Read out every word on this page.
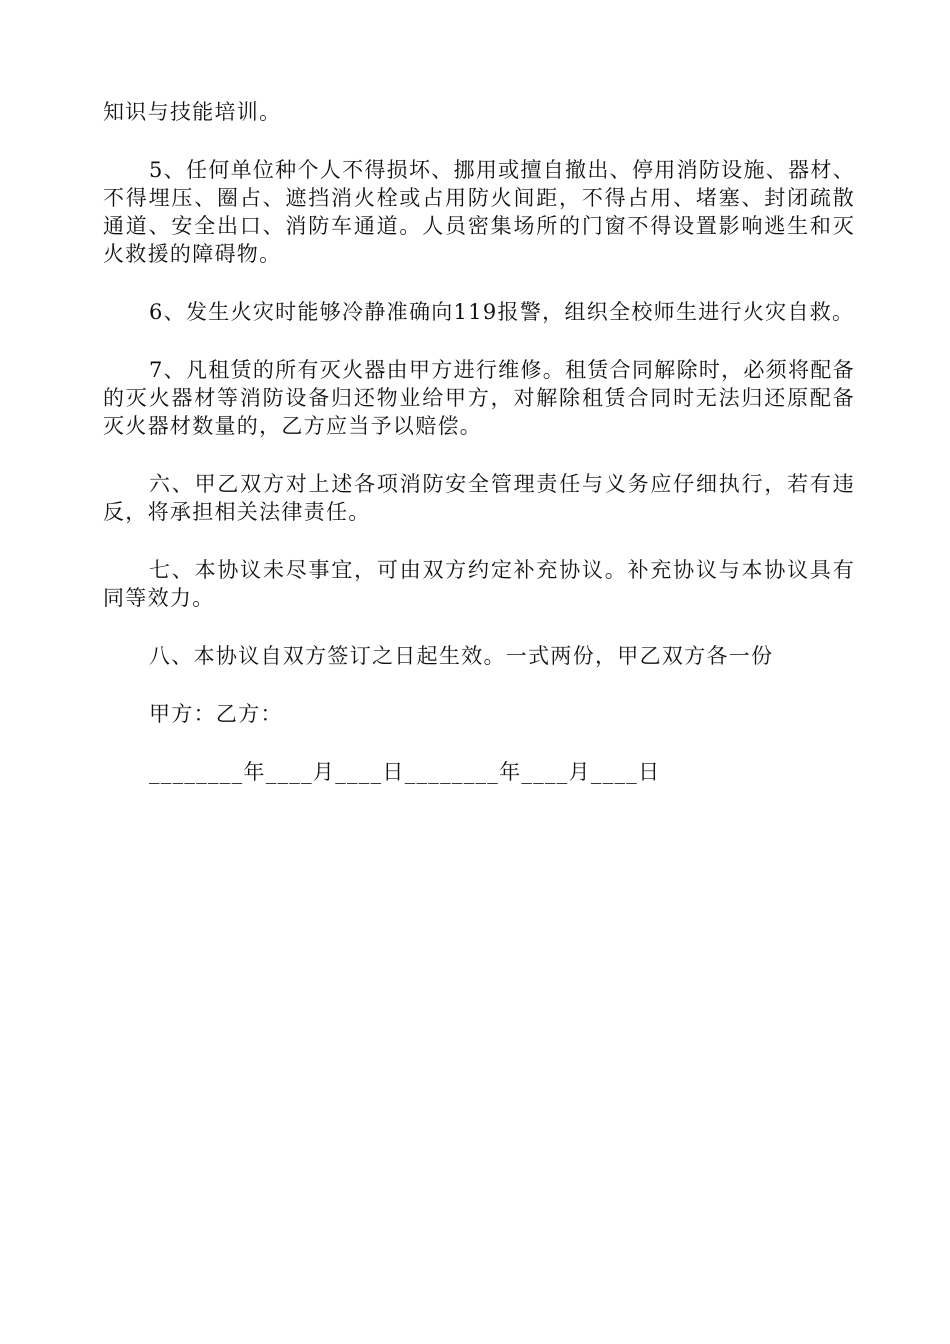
知识与技能培训。

5、任何单位种个人不得损坏、挪用或擅自撤出、停用消防设施、器材、不得埋压、圈占、遮挡消火栓或占用防火间距，不得占用、堵塞、封闭疏散通道、安全出口、消防车通道。人员密集场所的门窗不得设置影响逃生和灭火救援的障碍物。

6、发生火灾时能够冷静准确向119报警，组织全校师生进行火灾自救。

7、凡租赁的所有灭火器由甲方进行维修。租赁合同解除时，必须将配备的灭火器材等消防设备归还物业给甲方，对解除租赁合同时无法归还原配备灭火器材数量的，乙方应当予以赔偿。

六、甲乙双方对上述各项消防安全管理责任与义务应仔细执行，若有违反，将承担相关法律责任。

七、本协议未尽事宜，可由双方约定补充协议。补充协议与本协议具有同等效力。

八、本协议自双方签订之日起生效。一式两份，甲乙双方各一份

甲方：乙方：

________年____月____日________年____月____日
